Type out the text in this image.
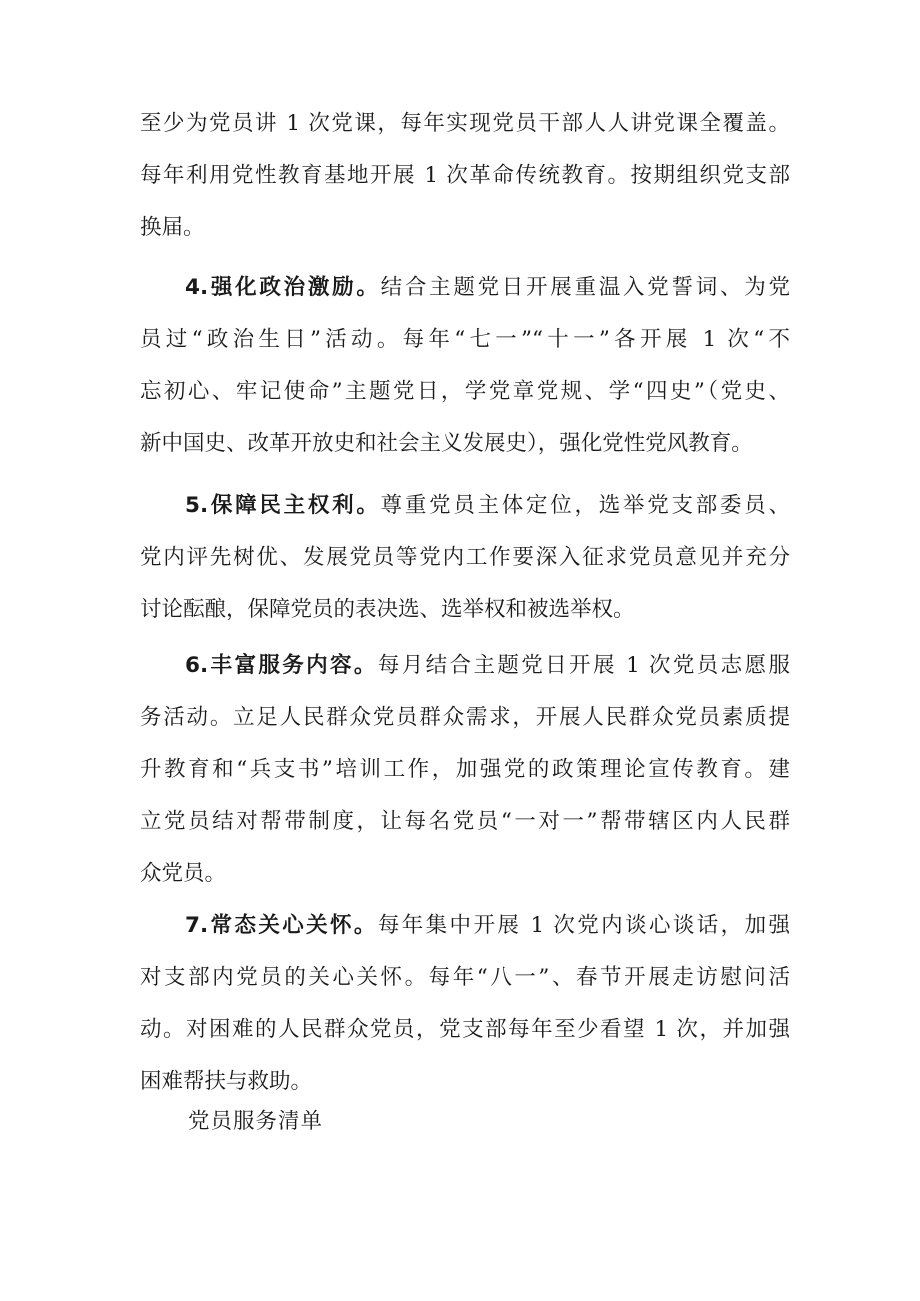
至少为党员讲 1 次党课，每年实现党员干部人人讲党课全覆盖。
每年利用党性教育基地开展 1 次革命传统教育。按期组织党支部
换届。
4.强化政治激励。结合主题党日开展重温入党誓词、为党
员过“政治生日”活动。每年“七一”“十一”各开展 1 次“不
忘初心、牢记使命”主题党日，学党章党规、学“四史”（党史、
新中国史、改革开放史和社会主义发展史），强化党性党风教育。
5.保障民主权利。尊重党员主体定位，选举党支部委员、
党内评先树优、发展党员等党内工作要深入征求党员意见并充分
讨论酝酿，保障党员的表决选、选举权和被选举权。
6.丰富服务内容。每月结合主题党日开展 1 次党员志愿服
务活动。立足人民群众党员群众需求，开展人民群众党员素质提
升教育和“兵支书”培训工作，加强党的政策理论宣传教育。建
立党员结对帮带制度，让每名党员“一对一”帮带辖区内人民群
众党员。
7.常态关心关怀。每年集中开展 1 次党内谈心谈话，加强
对支部内党员的关心关怀。每年“八一”、春节开展走访慰问活
动。对困难的人民群众党员，党支部每年至少看望 1 次，并加强
困难帮扶与救助。
党员服务清单
